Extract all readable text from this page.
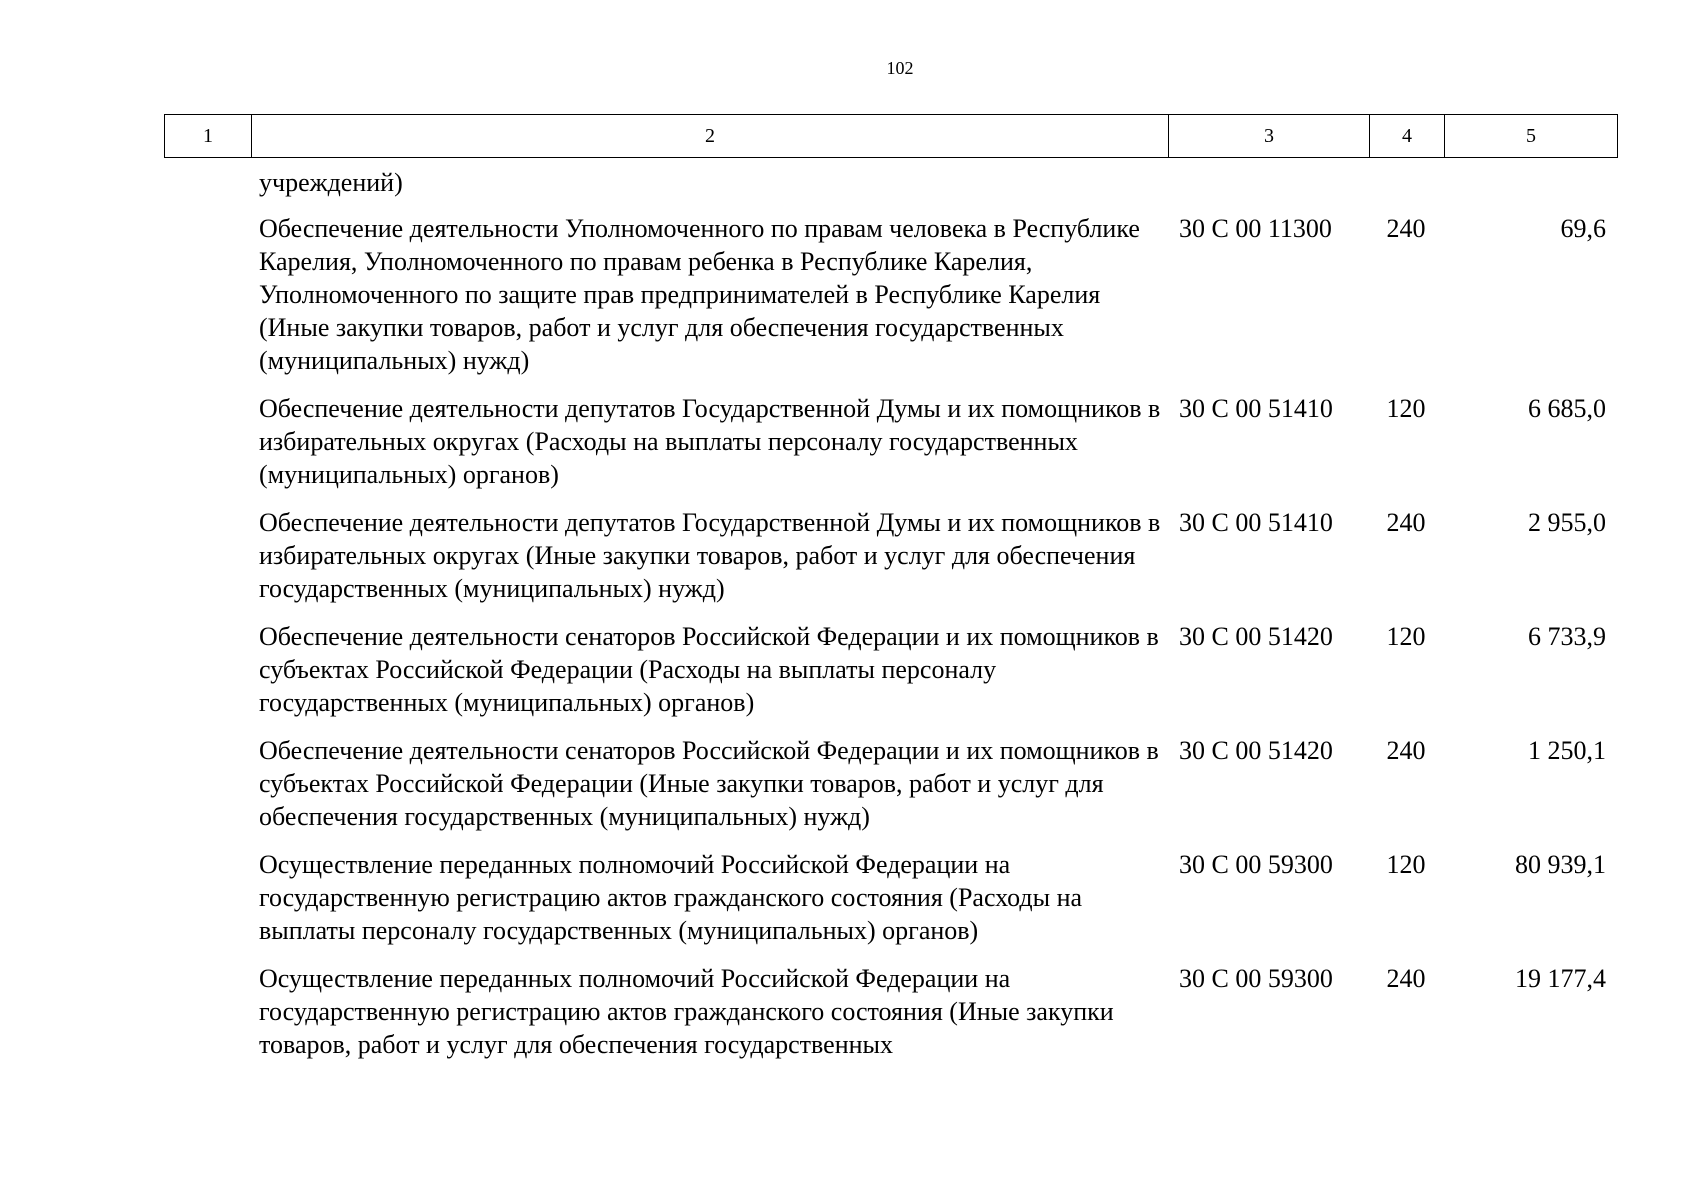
102
1	2	3	4	5
учреждений)
Обеспечение деятельности Уполномоченного по правам человека в Республике Карелия, Уполномоченного по правам ребенка в Республике Карелия, Уполномоченного по защите прав предпринимателей в Республике Карелия (Иные закупки товаров, работ и услуг для обеспечения государственных (муниципальных) нужд)
30 С 00 11300	240	69,6
Обеспечение деятельности депутатов Государственной Думы и их помощников в избирательных округах (Расходы на выплаты персоналу государственных (муниципальных) органов)
30 С 00 51410	120	6 685,0
Обеспечение деятельности депутатов Государственной Думы и их помощников в избирательных округах (Иные закупки товаров, работ и услуг для обеспечения государственных (муниципальных) нужд)
30 С 00 51410	240	2 955,0
Обеспечение деятельности сенаторов Российской Федерации и их помощников в субъектах Российской Федерации (Расходы на выплаты персоналу государственных (муниципальных) органов)
30 С 00 51420	120	6 733,9
Обеспечение деятельности сенаторов Российской Федерации и их помощников в субъектах Российской Федерации (Иные закупки товаров, работ и услуг для обеспечения государственных (муниципальных) нужд)
30 С 00 51420	240	1 250,1
Осуществление переданных полномочий Российской Федерации на государственную регистрацию актов гражданского состояния (Расходы на выплаты персоналу государственных (муниципальных) органов)
30 С 00 59300	120	80 939,1
Осуществление переданных полномочий Российской Федерации на государственную регистрацию актов гражданского состояния (Иные закупки товаров, работ и услуг для обеспечения государственных
30 С 00 59300	240	19 177,4
